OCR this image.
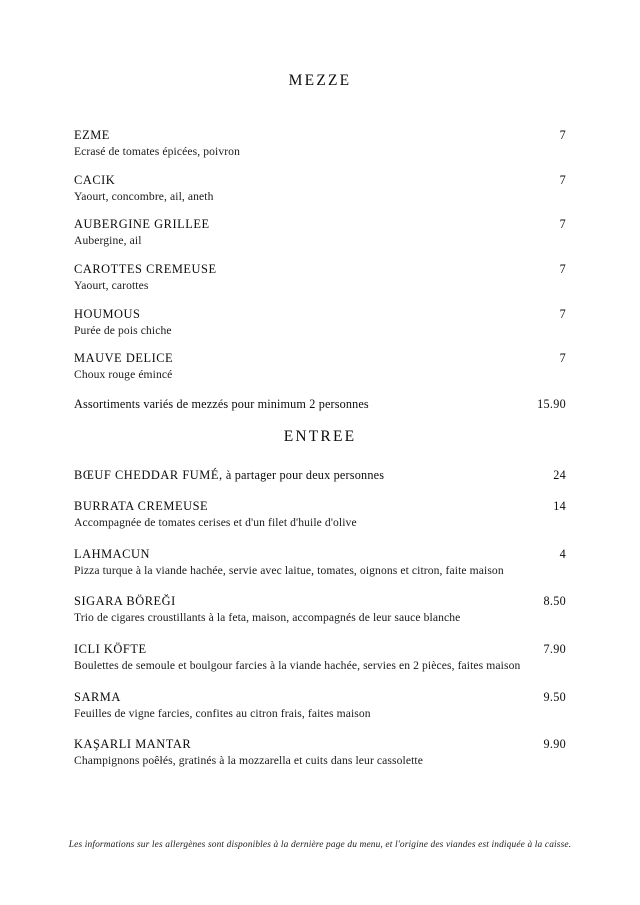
MEZZE
EZME	7
Ecrasé de tomates épicées, poivron
CACIK	7
Yaourt, concombre, ail, aneth
AUBERGINE GRILLEE	7
Aubergine, ail
CAROTTES CREMEUSE	7
Yaourt, carottes
HOUMOUS	7
Purée de pois chiche
MAUVE DELICE	7
Choux rouge émincé
Assortiments variés de mezzés pour minimum 2 personnes	15.90
ENTREE
BŒUF CHEDDAR FUMÉ, à partager pour deux personnes	24
BURRATA CREMEUSE	14
Accompagnée de tomates cerises et d'un filet d'huile d'olive
LAHMACUN	4
Pizza turque à la viande hachée, servie avec laitue, tomates, oignons et citron, faite maison
SIGARA BÖREĞI	8.50
Trio de cigares croustillants à la feta, maison, accompagnés de leur sauce blanche
ICLI KÖFTE	7.90
Boulettes de semoule et boulgour farcies à la viande hachée, servies en 2 pièces, faites maison
SARMA	9.50
Feuilles de vigne farcies, confites au citron frais, faites maison
KAŞARLI MANTAR	9.90
Champignons poêłés, gratinés à la mozzarella et cuits dans leur cassolette
Les informations sur les allergènes sont disponibles à la dernière page du menu, et l'origine des viandes est indiquée à la caisse.
